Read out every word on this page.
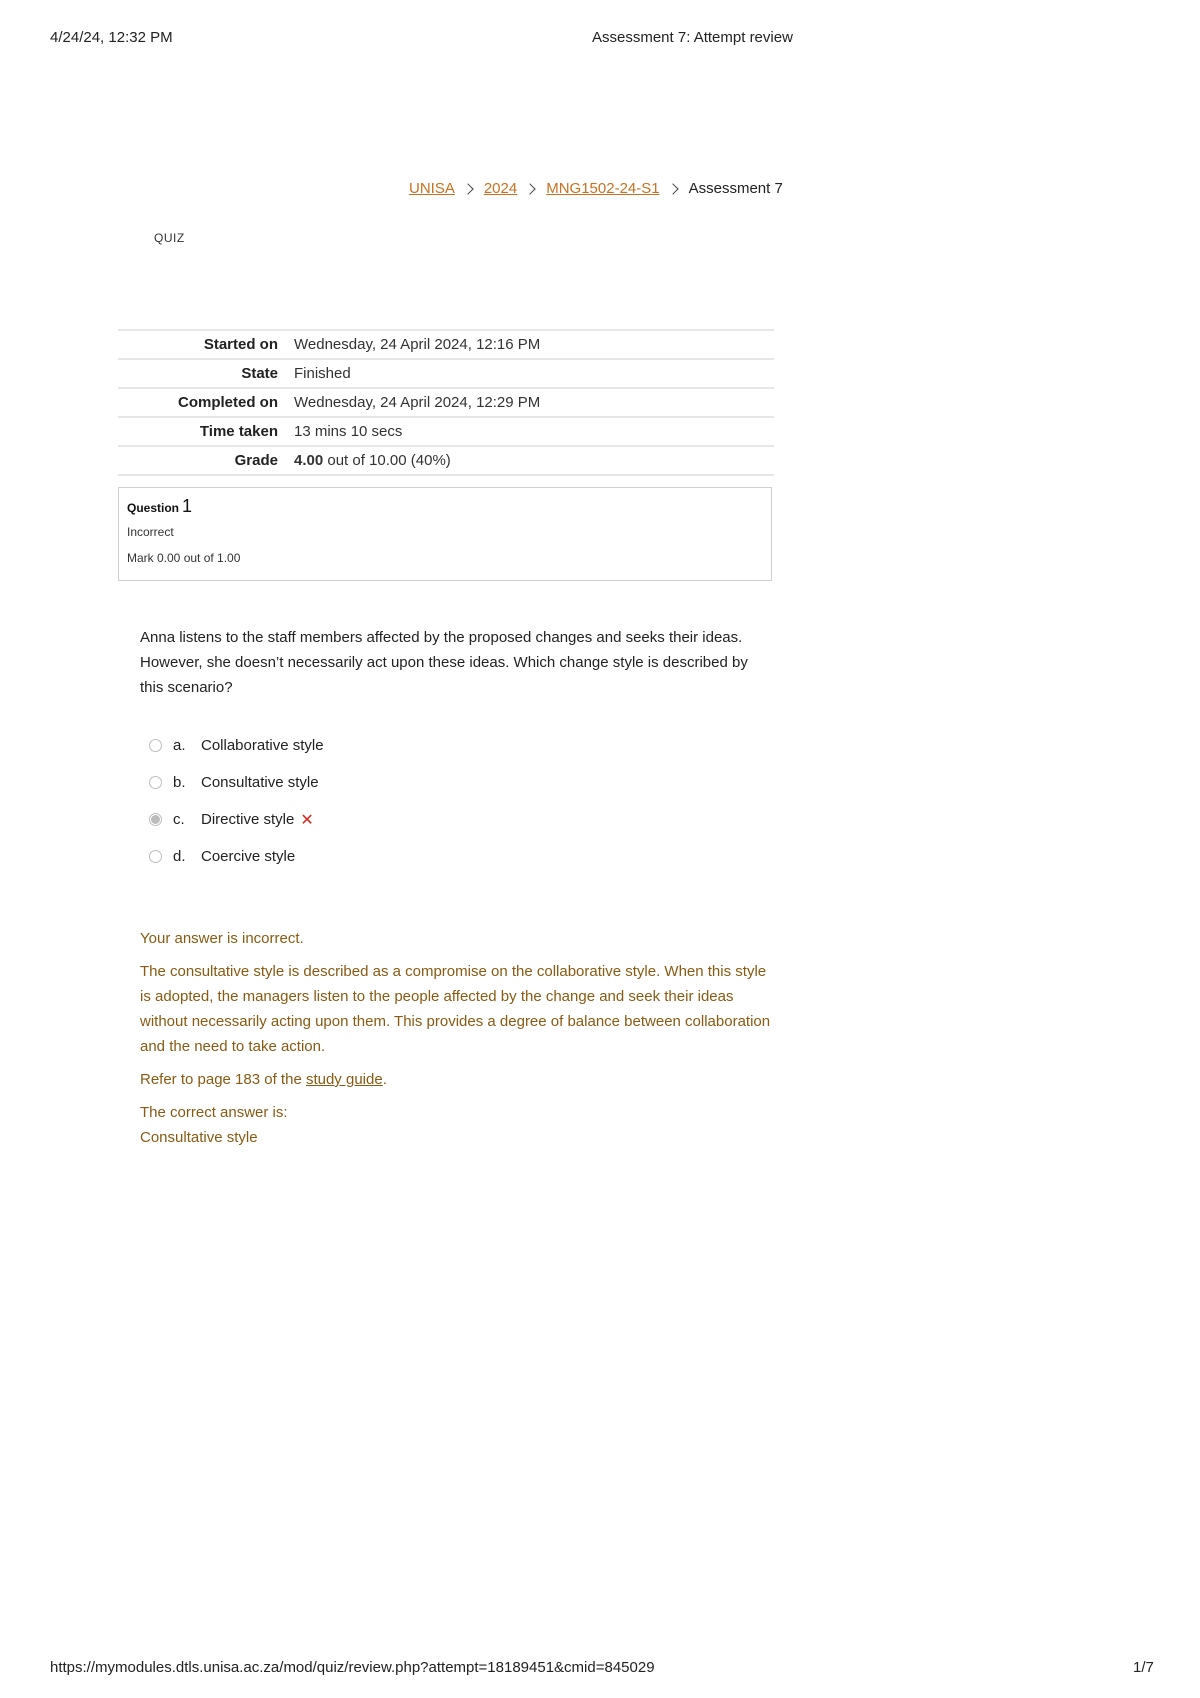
4/24/24, 12:32 PM	Assessment 7: Attempt review
UNISA 2024 MNG1502-24-S1 Assessment 7
QUIZ
Started on	Wednesday, 24 April 2024, 12:16 PM
State	Finished
Completed on	Wednesday, 24 April 2024, 12:29 PM
Time taken	13 mins 10 secs
Grade	4.00 out of 10.00 (40%)
Question 1
Incorrect
Mark 0.00 out of 1.00
Anna listens to the staff members affected by the proposed changes and seeks their ideas. However, she doesn’t necessarily act upon these ideas. Which change style is described by this scenario?
a.	Collaborative style
b.	Consultative style
c.	Directive style ✕
d.	Coercive style

Your answer is incorrect.

The consultative style is described as a compromise on the collaborative style. When this style is adopted, the managers listen to the people affected by the change and seek their ideas without necessarily acting upon them. This provides a degree of balance between collaboration and the need to take action.

Refer to page 183 of the study guide.

The correct answer is:
Consultative style

https://mymodules.dtls.unisa.ac.za/mod/quiz/review.php?attempt=18189451&cmid=845029	1/7
